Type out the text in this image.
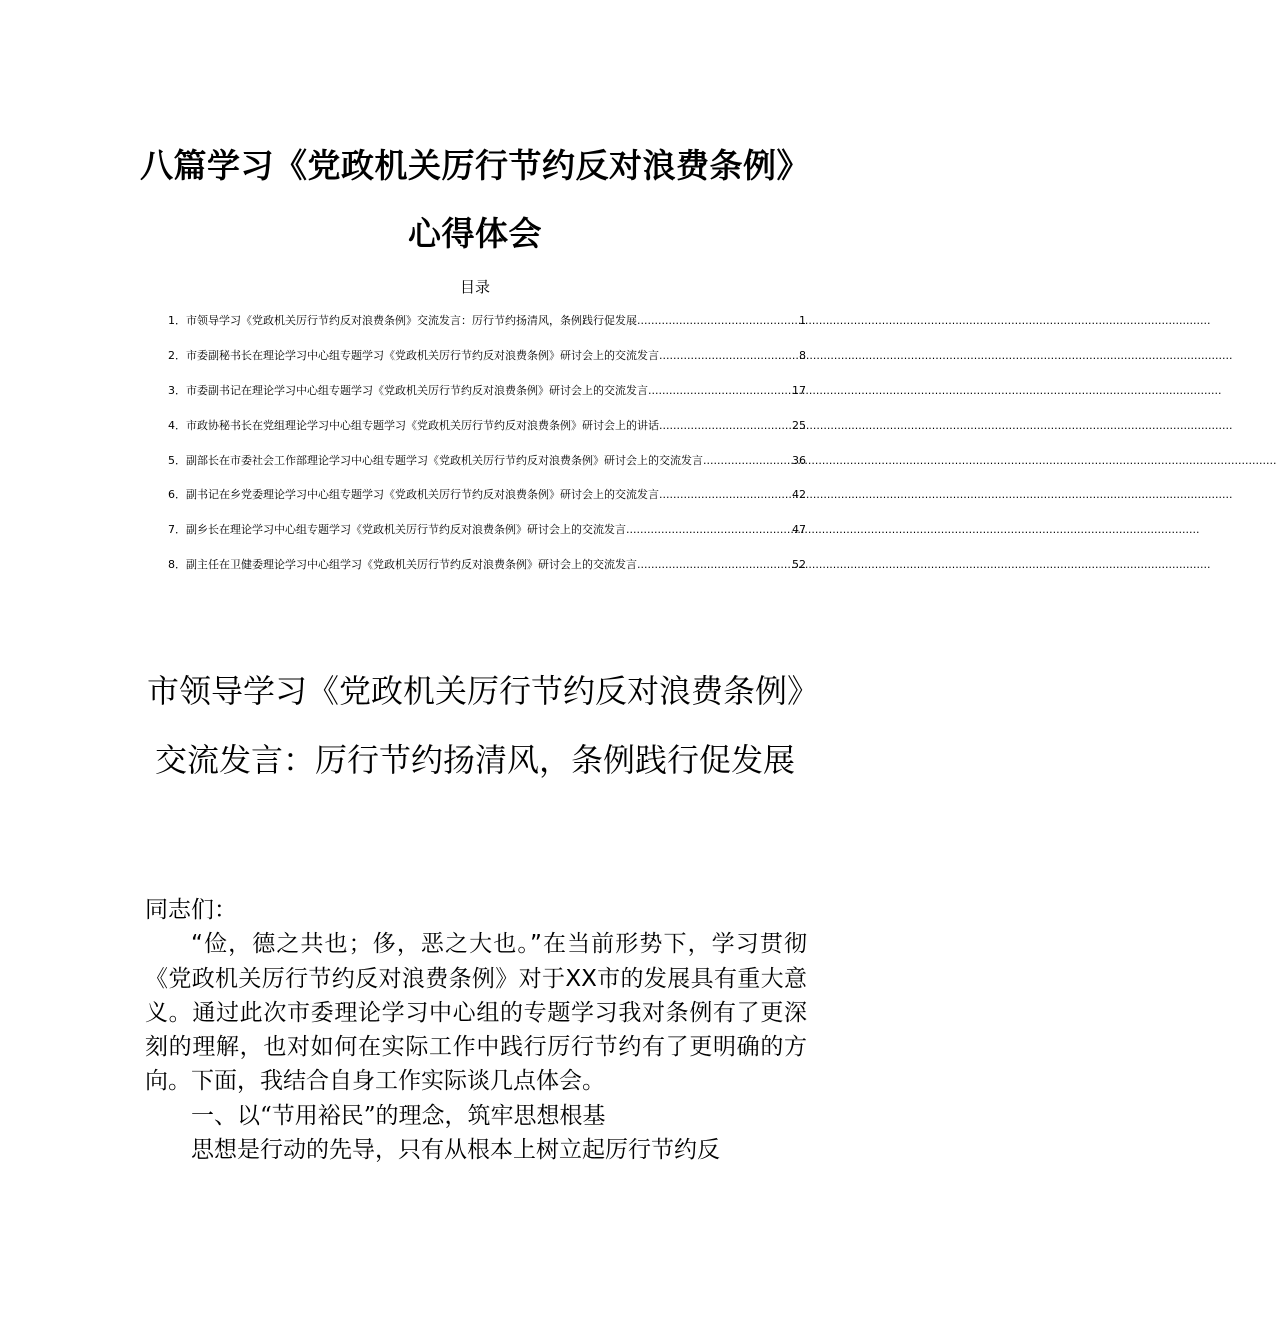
八篇学习《党政机关厉行节约反对浪费条例》心得体会
目录
1． 市领导学习《党政机关厉行节约反对浪费条例》交流发言：厉行节约扬清风，条例践行促发展 .....	1
2． 市委副秘书长在理论学习中心组专题学习《党政机关厉行节约反对浪费条例》研讨会上的交流发言 .....	8
3． 市委副书记在理论学习中心组专题学习《党政机关厉行节约反对浪费条例》研讨会上的交流发言 .....	17
4． 市政协秘书长在党组理论学习中心组专题学习《党政机关厉行节约反对浪费条例》研讨会上的讲话 .....	25
5． 副部长在市委社会工作部理论学习中心组专题学习《党政机关厉行节约反对浪费条例》研讨会上的交流发言 .....	36
6． 副书记在乡党委理论学习中心组专题学习《党政机关厉行节约反对浪费条例》研讨会上的交流发言 .....	42
7． 副乡长在理论学习中心组专题学习《党政机关厉行节约反对浪费条例》研讨会上的交流发言 .....	47
8． 副主任在卫健委理论学习中心组学习《党政机关厉行节约反对浪费条例》研讨会上的交流发言 .....	52
市领导学习《党政机关厉行节约反对浪费条例》交流发言：厉行节约扬清风，条例践行促发展

同志们：

“俭，德之共也；侈，恶之大也。”在当前形势下，学习贯彻《党政机关厉行节约反对浪费条例》对于XX市的发展具有重大意义。通过此次市委理论学习中心组的专题学习我对条例有了更深刻的理解，也对如何在实际工作中践行厉行节约有了更明确的方向。下面，我结合自身工作实际谈几点体会。

一、以“节用裕民”的理念，筑牢思想根基

思想是行动的先导，只有从根本上树立起厉行节约反
